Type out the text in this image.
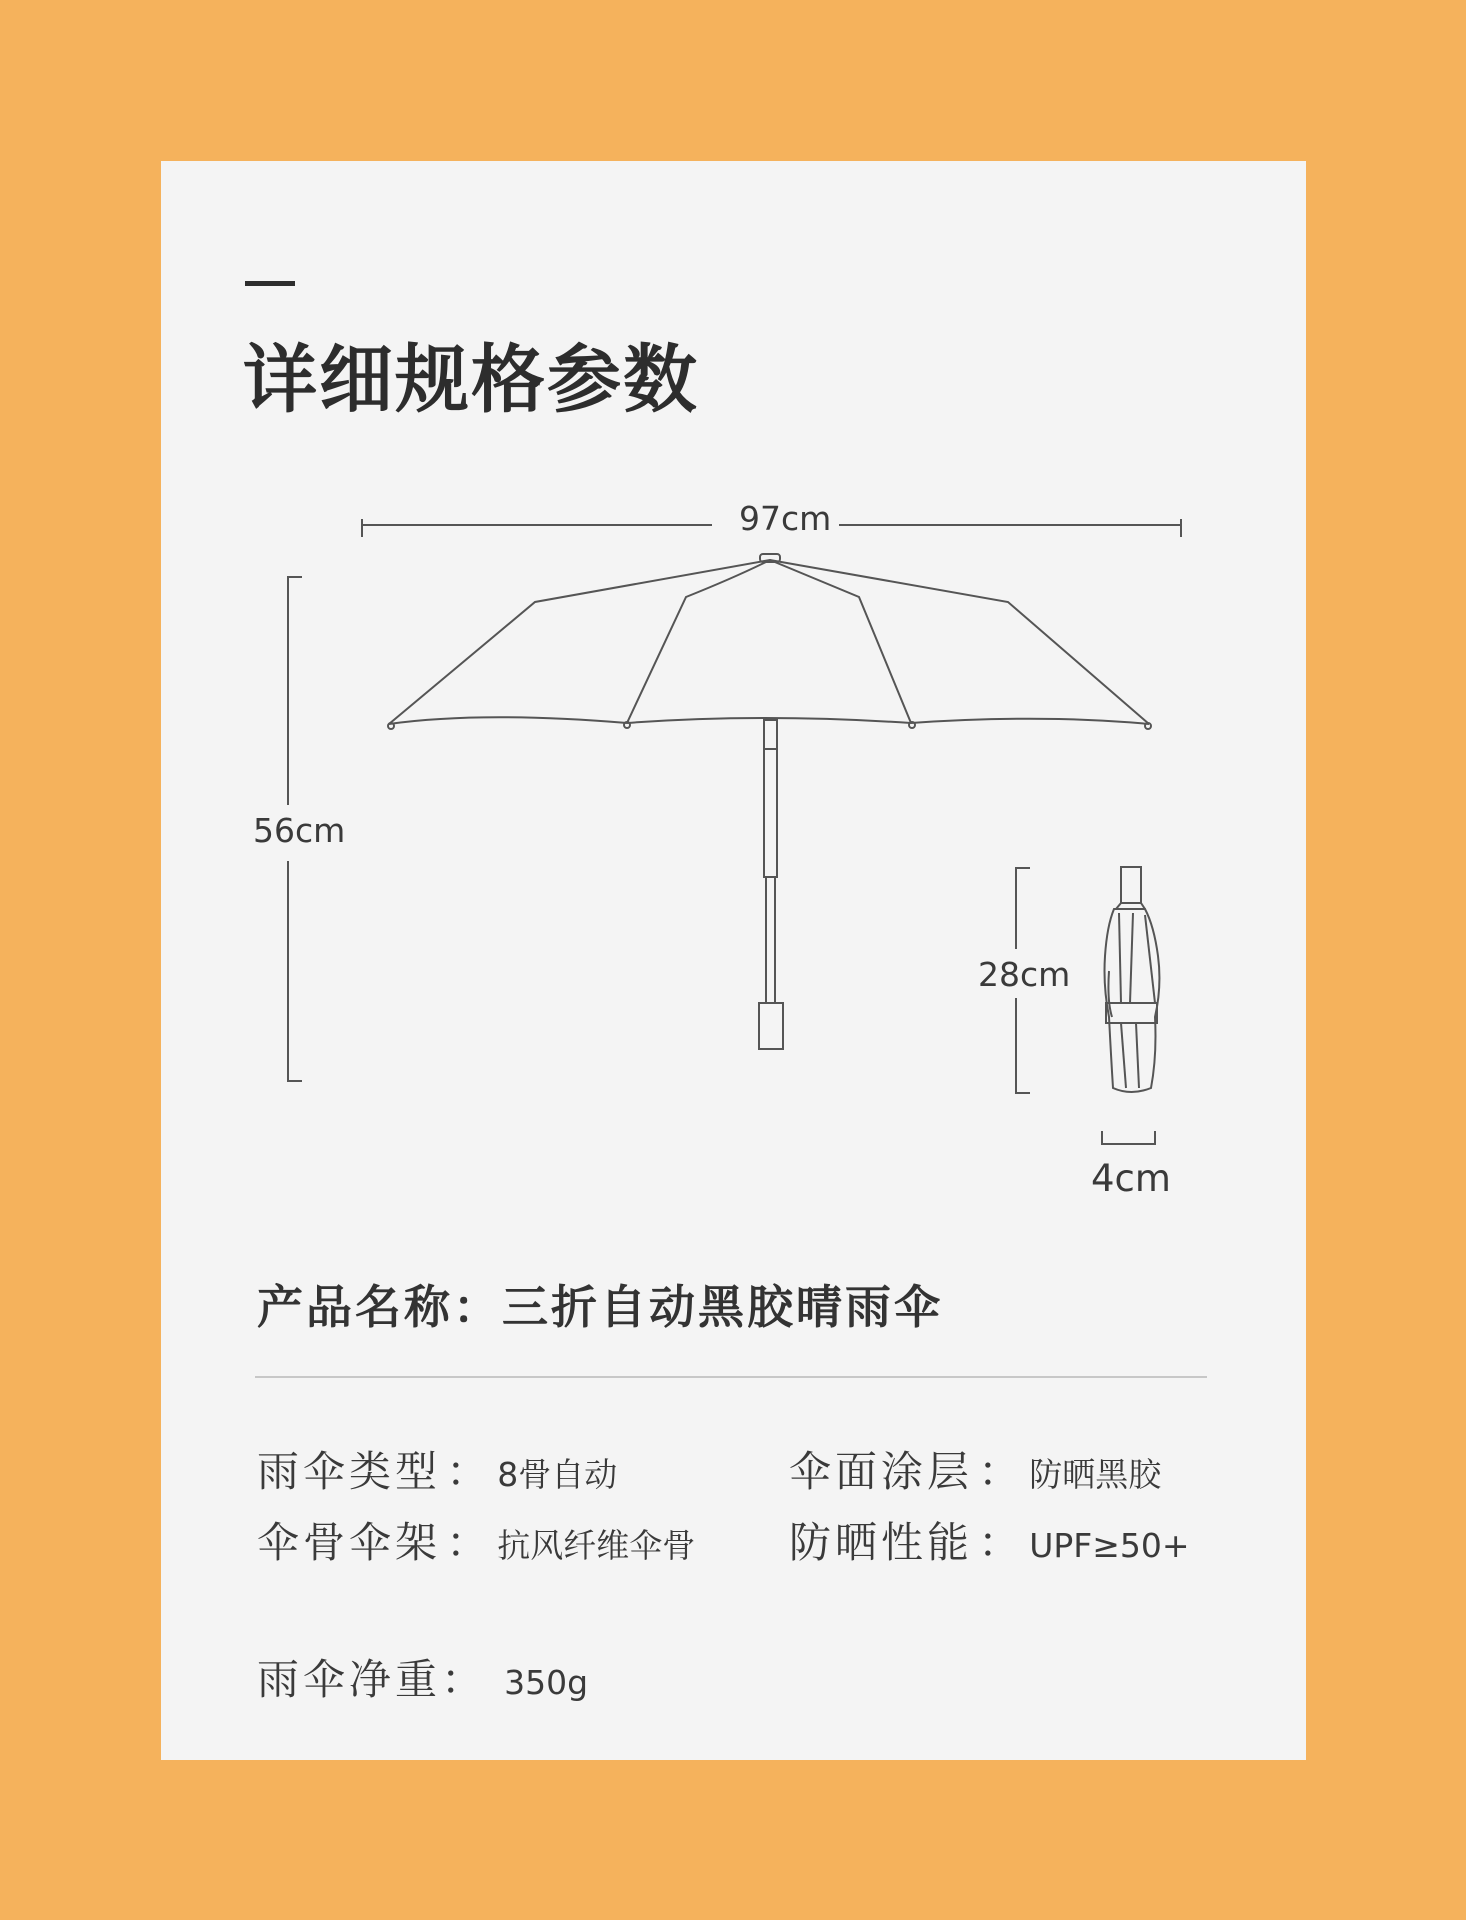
详细规格参数
97cm
56cm
28cm
4cm
产品名称：三折自动黑胶晴雨伞
雨伞类型 ： 8骨自动	伞面涂层 ： 防晒黑胶
伞骨伞架 ： 抗风纤维伞骨 防晒性能 ： UPF≥50+
雨伞净重： 350g
